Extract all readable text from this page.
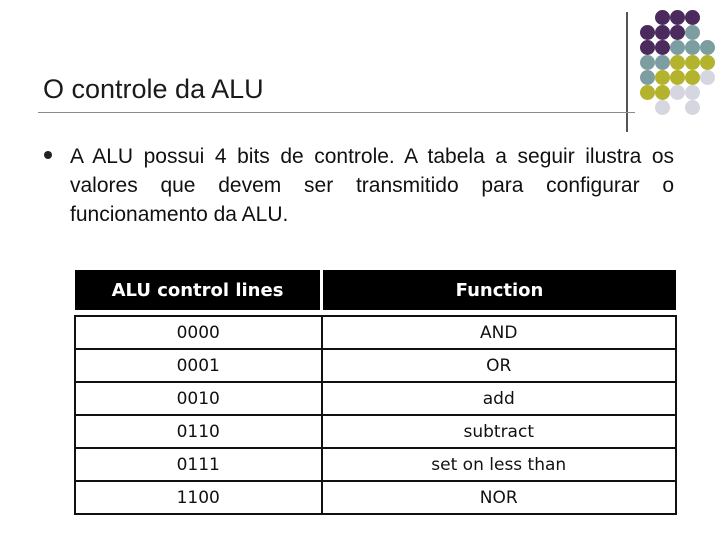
O controle da ALU
A ALU possui 4 bits de controle. A tabela a seguir ilustra os valores que devem ser transmitido para configurar o funcionamento da ALU.
ALU control lines	Function

0000	AND
0001	OR
0010	add
0110	subtract
0111	set on less than
1100	NOR
